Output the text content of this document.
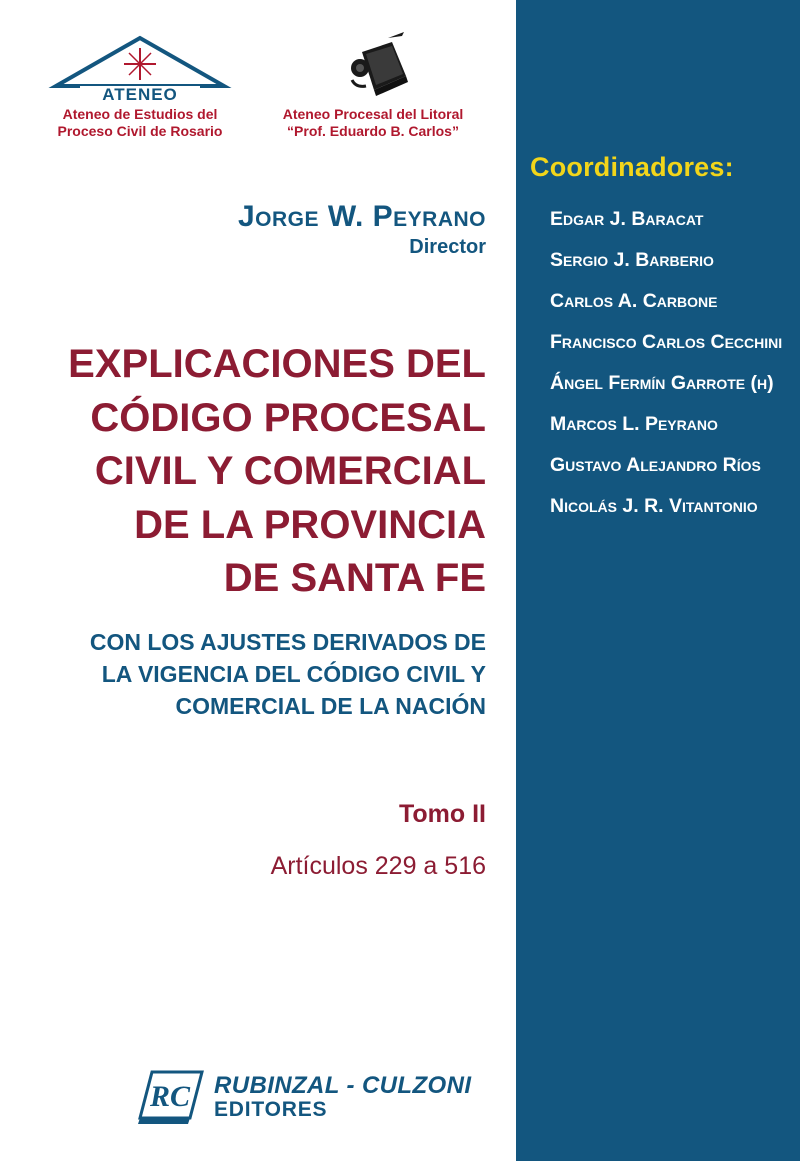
ATENEO
Ateneo de Estudios del
Proceso Civil de Rosario
Ateneo Procesal del Litoral
“Prof. Eduardo B. Carlos”
Jorge W. Peyrano
Director
EXPLICACIONES DEL
CÓDIGO PROCESAL
CIVIL Y COMERCIAL
DE LA PROVINCIA
DE SANTA FE
CON LOS AJUSTES DERIVADOS DE
LA VIGENCIA DEL CÓDIGO CIVIL Y
COMERCIAL DE LA NACIÓN
Tomo II
Artículos 229 a 516
RC RUBINZAL - CULZONI
EDITORES
Coordinadores:
Edgar J. Baracat
Sergio J. Barberio
Carlos A. Carbone
Francisco Carlos Cecchini
Ángel Fermín Garrote (h)
Marcos L. Peyrano
Gustavo Alejandro Ríos
Nicolás J. R. Vitantonio
